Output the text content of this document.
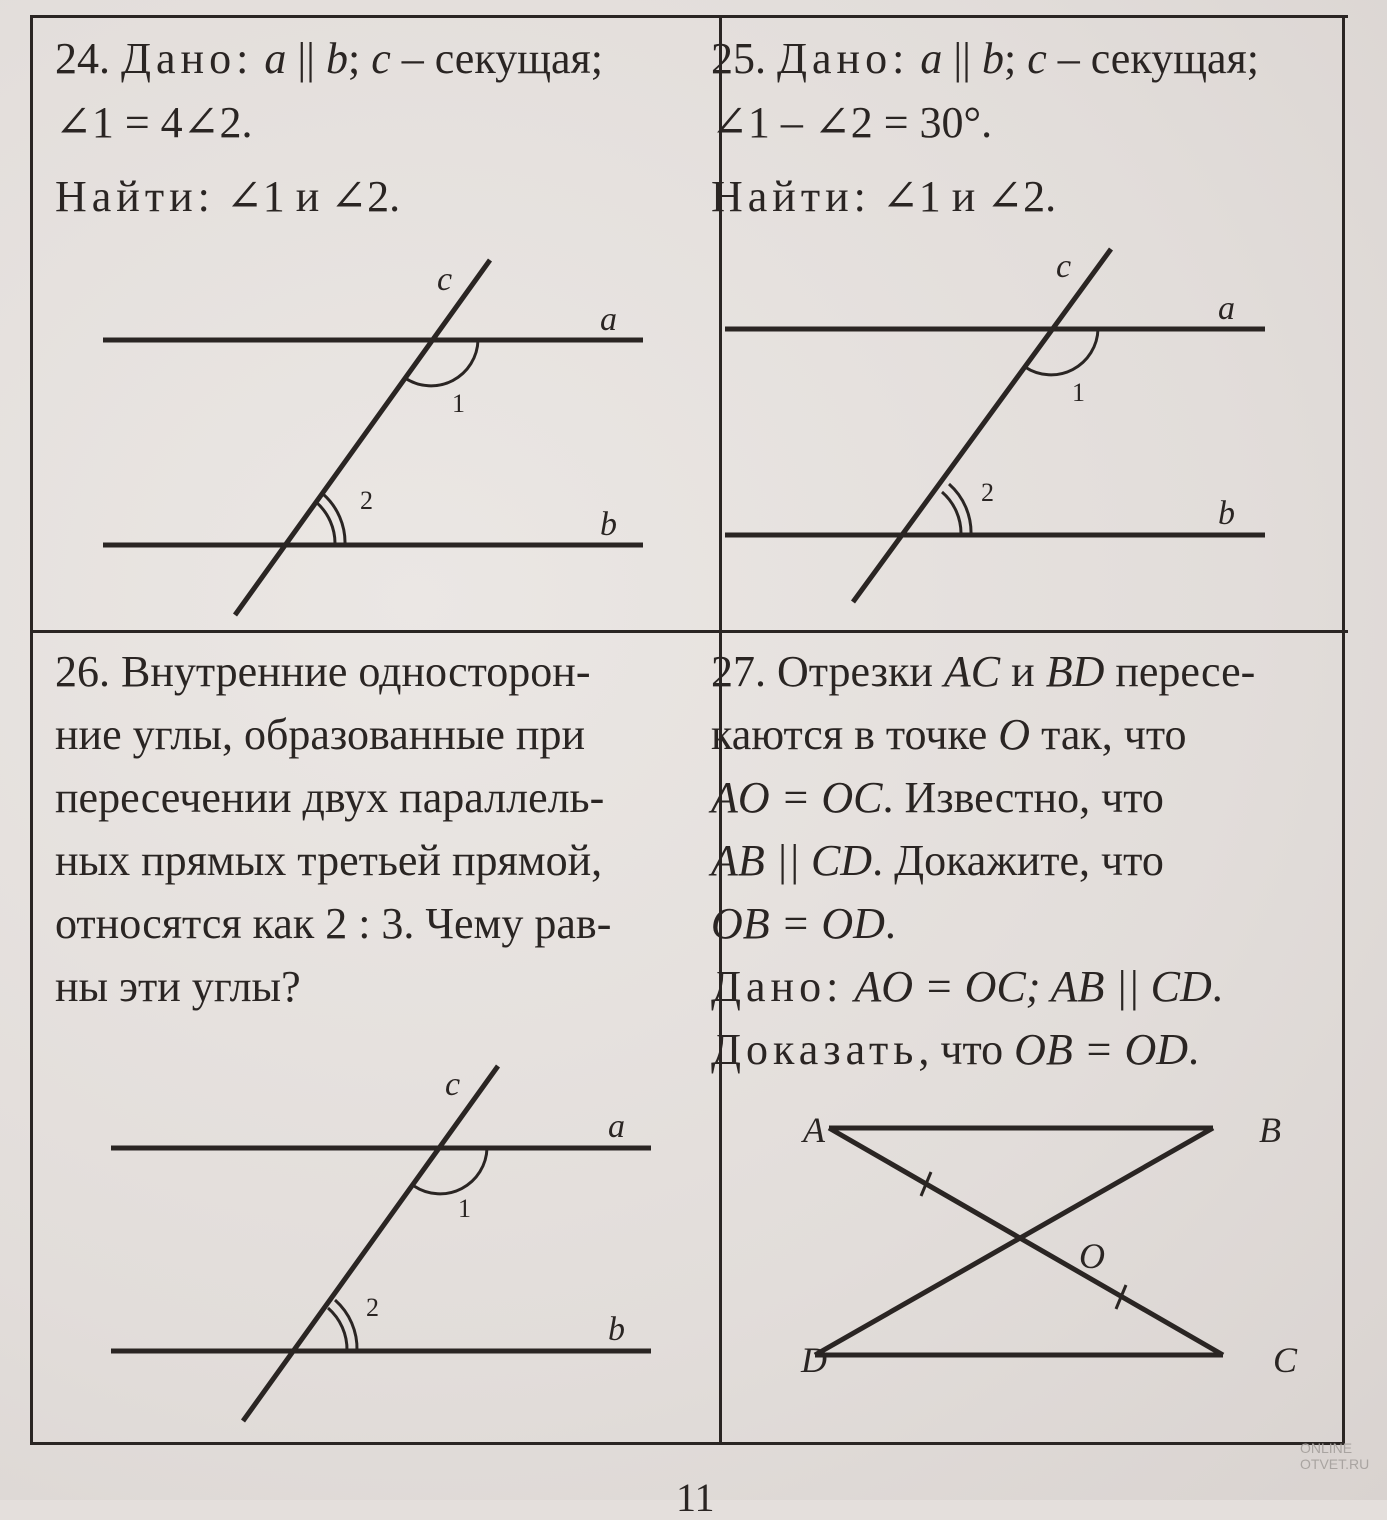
24. Дано: a || b; c – секущая;

∠1 = 4∠2.

Найти: ∠1 и ∠2.

c
a
b
1
2

25. Дано: a || b; c – секущая;

∠1 – ∠2 = 30°.

Найти: ∠1 и ∠2.

c
a
b
1
2

26. Внутренние односторон-

ние углы, образованные при

пересечении двух параллель-

ных прямых третьей прямой,

относятся как 2 : 3. Чему рав-

ны эти углы?

c
a
b
1
2

27. Отрезки AC и BD пересе-

каются в точке O так, что

AO = OC. Известно, что

AB || CD. Докажите, что

OB = OD.

Дано: AO = OC; AB || CD.

Доказать, что OB = OD.

A	B
C
D
O
11
ONLINE
OTVET.RU
